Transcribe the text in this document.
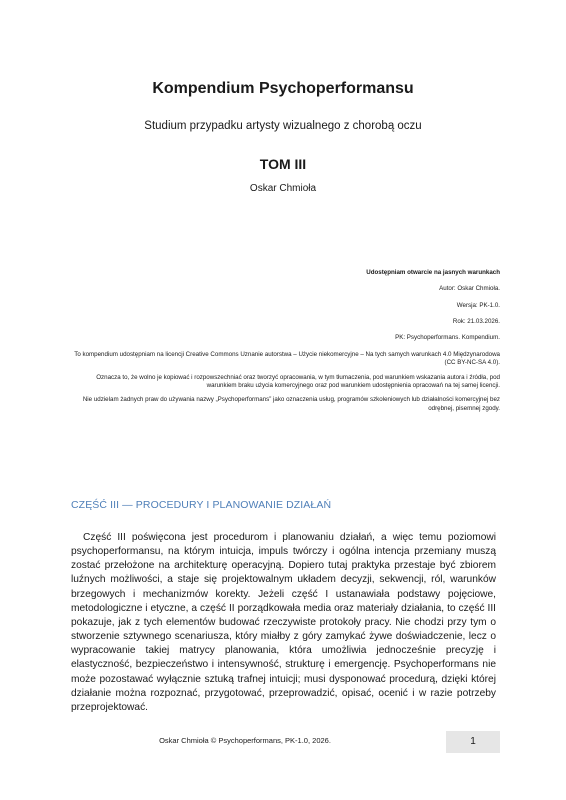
Kompendium Psychoperformansu
Studium przypadku artysty wizualnego z chorobą oczu
TOM III
Oskar Chmioła
Udostępniam otwarcie na jasnych warunkach
Autor: Oskar Chmioła.
Wersja: PK-1.0.
Rok: 21.03.2026.
PK: Psychoperformans. Kompendium.
To kompendium udostępniam na licencji Creative Commons Uznanie autorstwa – Użycie niekomercyjne – Na tych samych warunkach 4.0 Międzynarodowa (CC BY-NC-SA 4.0).
Oznacza to, że wolno je kopiować i rozpowszechniać oraz tworzyć opracowania, w tym tłumaczenia, pod warunkiem wskazania autora i źródła, pod warunkiem braku użycia komercyjnego oraz pod warunkiem udostępnienia opracowań na tej samej licencji.
Nie udzielam żadnych praw do używania nazwy „Psychoperformans” jako oznaczenia usług, programów szkoleniowych lub działalności komercyjnej bez odrębnej, pisemnej zgody.
CZĘŚĆ III — PROCEDURY I PLANOWANIE DZIAŁAŃ
Część III poświęcona jest procedurom i planowaniu działań, a więc temu poziomowi psychoperformansu, na którym intuicja, impuls twórczy i ogólna intencja przemiany muszą zostać przełożone na architekturę operacyjną. Dopiero tutaj praktyka przestaje być zbiorem luźnych możliwości, a staje się projektowalnym układem decyzji, sekwencji, ról, warunków brzegowych i mechanizmów korekty. Jeżeli część I ustanawiała podstawy pojęciowe, metodologiczne i etyczne, a część II porządkowała media oraz materiały działania, to część III pokazuje, jak z tych elementów budować rzeczywiste protokoły pracy. Nie chodzi przy tym o stworzenie sztywnego scenariusza, który miałby z góry zamykać żywe doświadczenie, lecz o wypracowanie takiej matrycy planowania, która umożliwia jednocześnie precyzję i elastyczność, bezpieczeństwo i intensywność, strukturę i emergencję. Psychoperformans nie może pozostawać wyłącznie sztuką trafnej intuicji; musi dysponować procedurą, dzięki której działanie można rozpoznać, przygotować, przeprowadzić, opisać, ocenić i w razie potrzeby przeprojektować.
Oskar Chmioła © Psychoperformans, PK-1.0, 2026.	1
